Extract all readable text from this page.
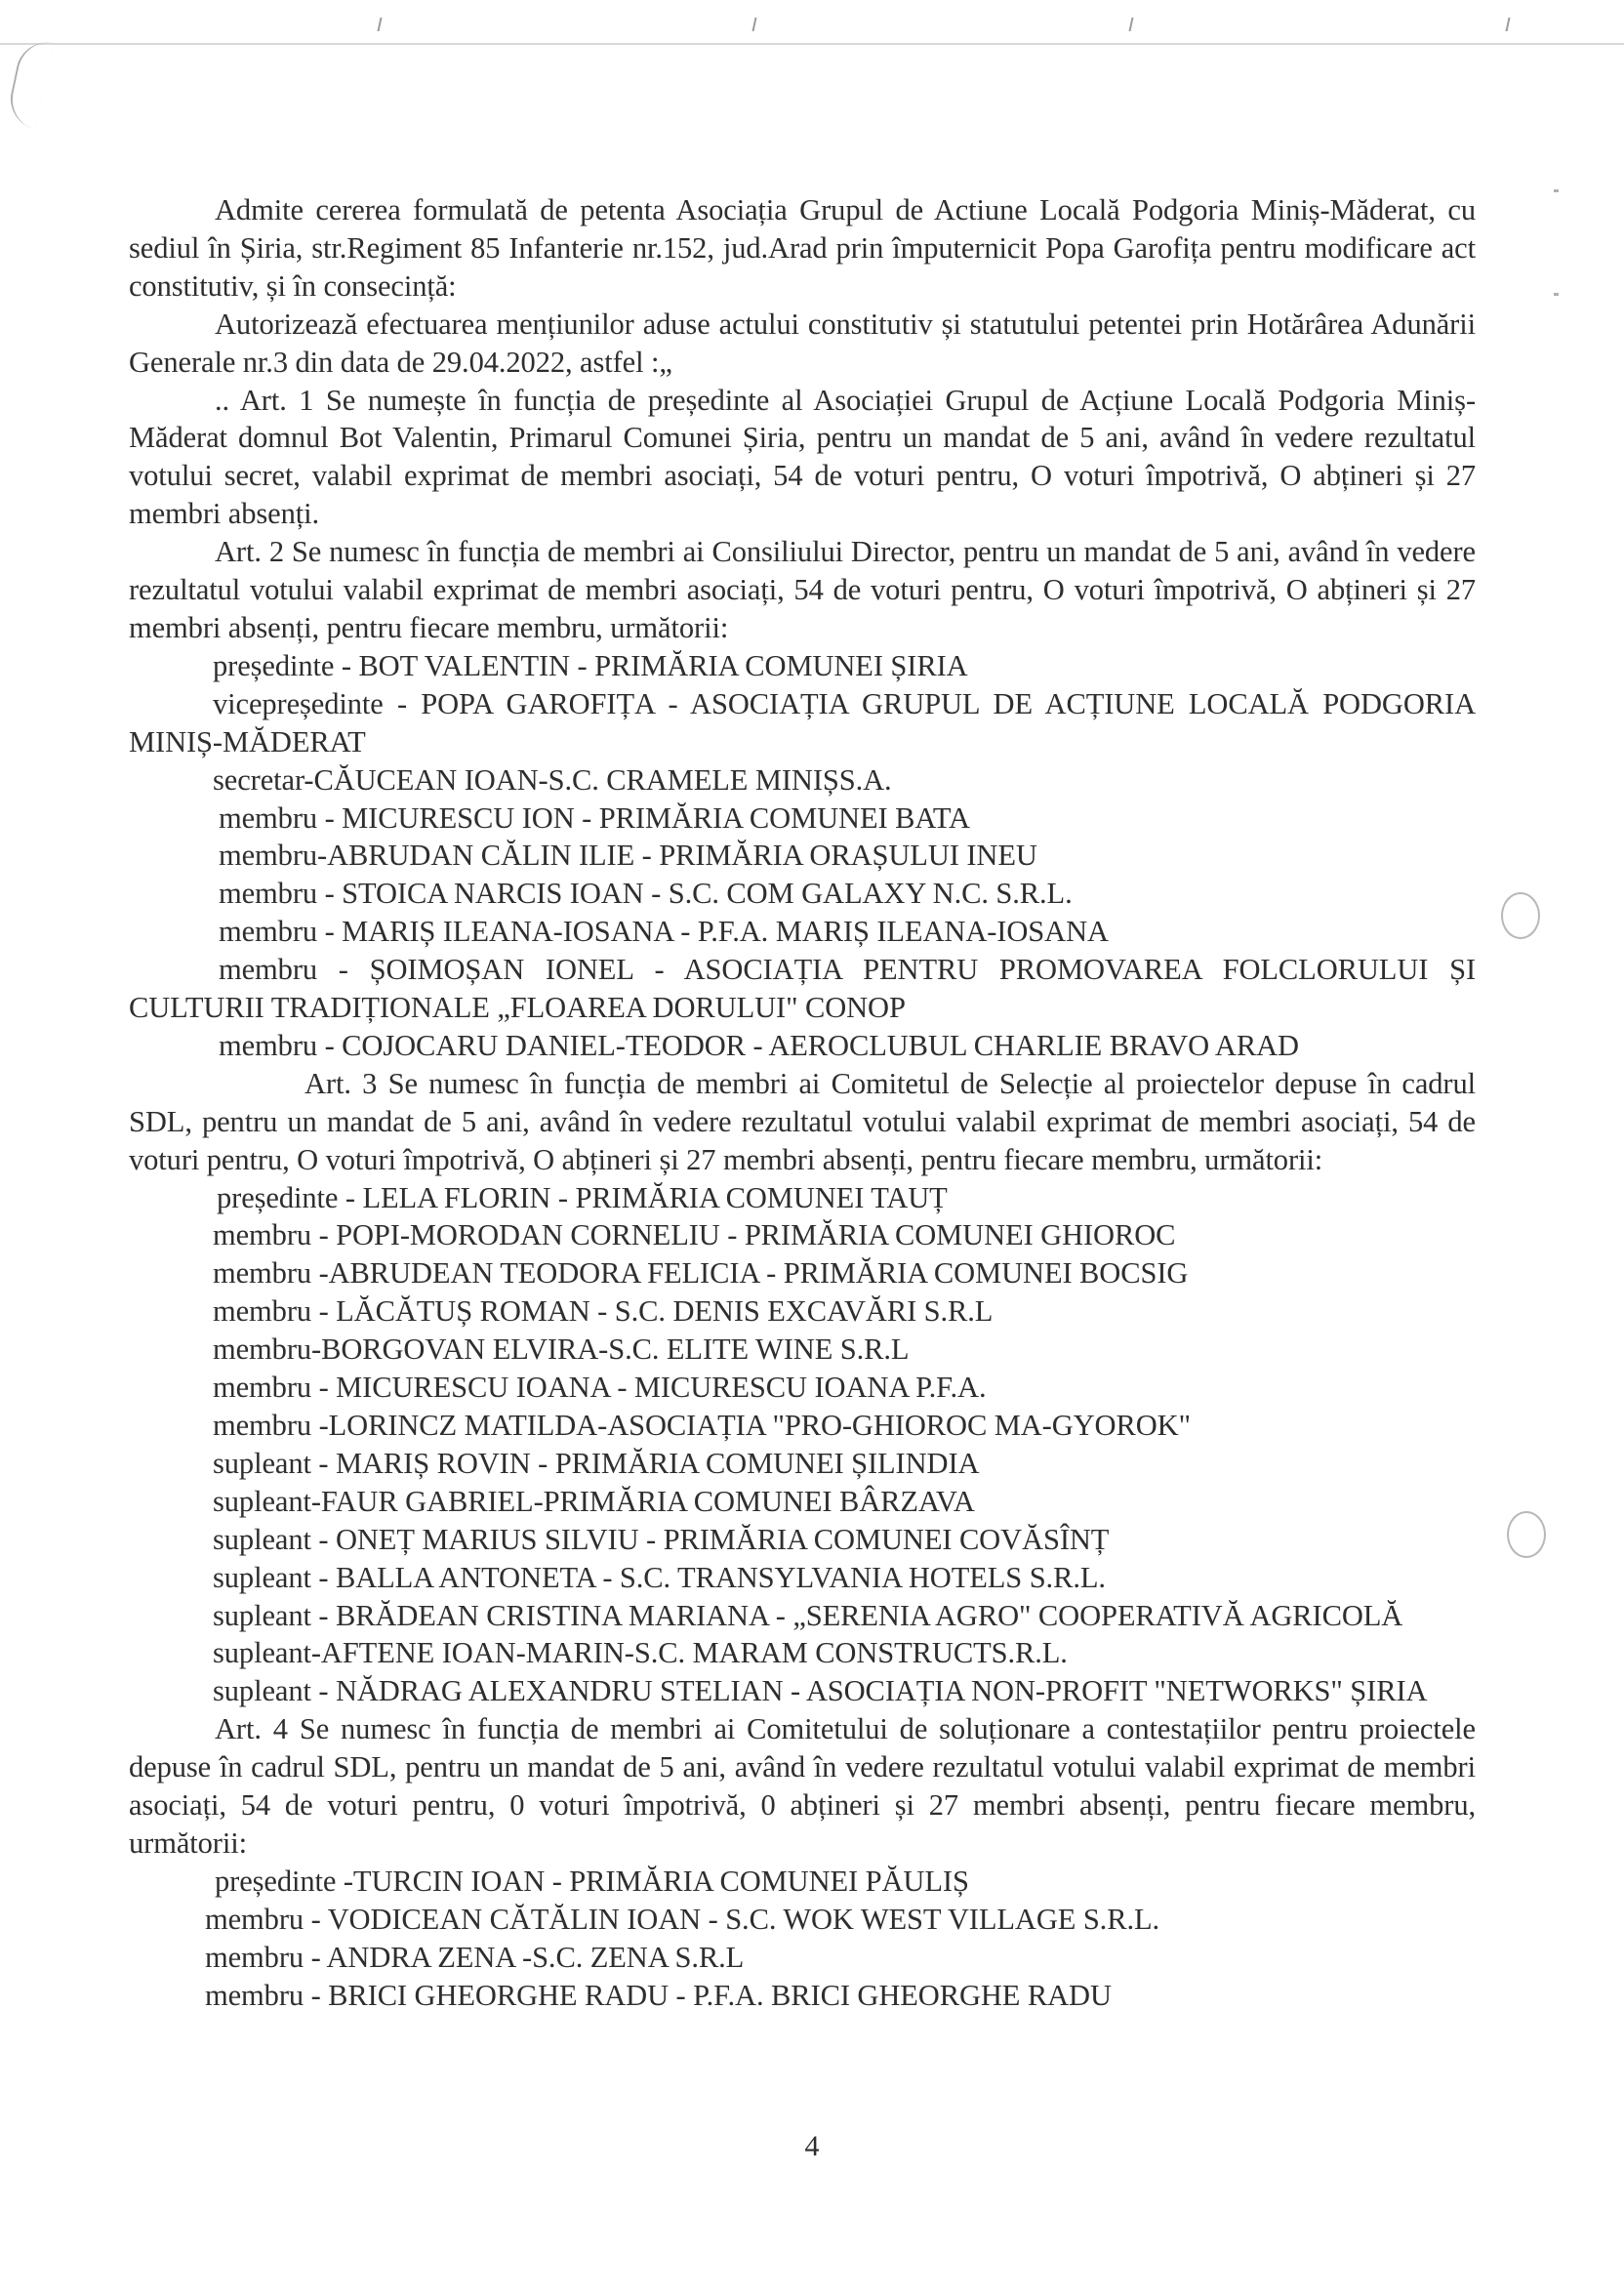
Admite cererea formulată de petenta Asociația Grupul de Actiune Locală Podgoria Miniș-Măderat, cu sediul în Șiria, str.Regiment 85 Infanterie nr.152, jud.Arad prin împuternicit Popa Garofița pentru modificare act constitutiv, și în consecință:

Autorizează efectuarea mențiunilor aduse actului constitutiv și statutului petentei prin Hotărârea Adunării Generale nr.3 din data de 29.04.2022, astfel :„

.. Art. 1 Se numește în funcția de președinte al Asociației Grupul de Acțiune Locală Podgoria Miniș-Măderat domnul Bot Valentin, Primarul Comunei Șiria, pentru un mandat de 5 ani, având în vedere rezultatul votului secret, valabil exprimat de membri asociați, 54 de voturi pentru, O voturi împotrivă, O abțineri și 27 membri absenți.

Art. 2 Se numesc în funcția de membri ai Consiliului Director, pentru un mandat de 5 ani, având în vedere rezultatul votului valabil exprimat de membri asociați, 54 de voturi pentru, O voturi împotrivă, O abțineri și 27 membri absenți, pentru fiecare membru, următorii:

președinte - BOT VALENTIN - PRIMĂRIA COMUNEI ȘIRIA
vicepreședinte - POPA GAROFIȚA - ASOCIAȚIA GRUPUL DE ACȚIUNE LOCALĂ PODGORIA MINIȘ-MĂDERAT
secretar-CĂUCEAN IOAN-S.C. CRAMELE MINIȘS.A.
membru - MICURESCU ION - PRIMĂRIA COMUNEI BATA
membru-ABRUDAN CĂLIN ILIE - PRIMĂRIA ORAȘULUI INEU
membru - STOICA NARCIS IOAN - S.C. COM GALAXY N.C. S.R.L.
membru - MARIȘ ILEANA-IOSANA - P.F.A. MARIȘ ILEANA-IOSANA
membru - ȘOIMOȘAN IONEL - ASOCIAȚIA PENTRU PROMOVAREA FOLCLORULUI ȘI CULTURII TRADIȚIONALE „FLOAREA DORULUI" CONOP
membru - COJOCARU DANIEL-TEODOR - AEROCLUBUL CHARLIE BRAVO ARAD

Art. 3 Se numesc în funcția de membri ai Comitetul de Selecție al proiectelor depuse în cadrul SDL, pentru un mandat de 5 ani, având în vedere rezultatul votului valabil exprimat de membri asociați, 54 de voturi pentru, O voturi împotrivă, O abțineri și 27 membri absenți, pentru fiecare membru, următorii:

președinte - LELA FLORIN - PRIMĂRIA COMUNEI TAUȚ
membru - POPI-MORODAN CORNELIU - PRIMĂRIA COMUNEI GHIOROC
membru -ABRUDEAN TEODORA FELICIA - PRIMĂRIA COMUNEI BOCSIG
membru - LĂCĂTUȘ ROMAN - S.C. DENIS EXCAVĂRI S.R.L
membru-BORGOVAN ELVIRA-S.C. ELITE WINE S.R.L
membru - MICURESCU IOANA - MICURESCU IOANA P.F.A.
membru -LORINCZ MATILDA-ASOCIAȚIA "PRO-GHIOROC MA-GYOROK"
supleant - MARIȘ ROVIN - PRIMĂRIA COMUNEI ȘILINDIA
supleant-FAUR GABRIEL-PRIMĂRIA COMUNEI BÂRZAVA
supleant - ONEȚ MARIUS SILVIU - PRIMĂRIA COMUNEI COVĂSÎNȚ
supleant - BALLA ANTONETA - S.C. TRANSYLVANIA HOTELS S.R.L.
supleant - BRĂDEAN CRISTINA MARIANA - „SERENIA AGRO" COOPERATIVĂ AGRICOLĂ
supleant-AFTENE IOAN-MARIN-S.C. MARAM CONSTRUCTS.R.L.
supleant - NĂDRAG ALEXANDRU STELIAN - ASOCIAȚIA NON-PROFIT "NETWORKS" ȘIRIA

Art. 4 Se numesc în funcția de membri ai Comitetului de soluționare a contestațiilor pentru proiectele depuse în cadrul SDL, pentru un mandat de 5 ani, având în vedere rezultatul votului valabil exprimat de membri asociați, 54 de voturi pentru, 0 voturi împotrivă, 0 abțineri și 27 membri absenți, pentru fiecare membru, următorii:

președinte -TURCIN IOAN - PRIMĂRIA COMUNEI PĂULIȘ
membru - VODICEAN CĂTĂLIN IOAN - S.C. WOK WEST VILLAGE S.R.L.
membru - ANDRA ZENA -S.C. ZENA S.R.L
membru - BRICI GHEORGHE RADU - P.F.A. BRICI GHEORGHE RADU
4
